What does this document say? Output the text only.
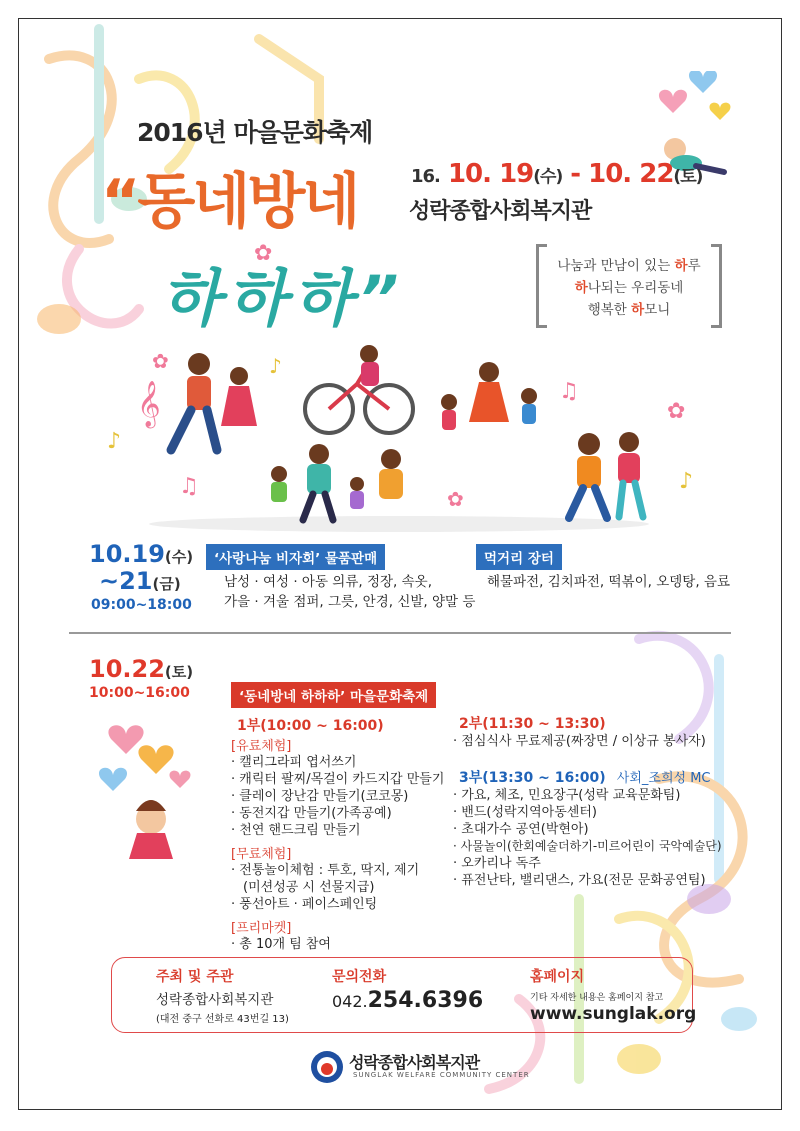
2016년 마을문화축제
“동네방네	16. 10. 19(수) - 10. 22(토)
성락종합사회복지관
하하하”	나눔과 만남이 있는 하루
하나되는 우리동네
행복한 하모니
✿
✿
✿
✿
𝄞
♪
♫
♪
♫
♪
10.19(수)
~21(금)
09:00~18:00
‘사랑나눔 비자회’ 물품판매
남성 · 여성 · 아동 의류, 정장, 속옷,
가을 · 겨울 점퍼, 그릇, 안경, 신발, 양말 등
먹거리 장터
해물파전, 김치파전, 떡볶이, 오뎅탕, 음료
10.22(토)
10:00~16:00	‘동네방네 하하하’ 마을문화축제
1부(10:00 ~ 16:00)
[유료체험]
· 캘리그라피 엽서쓰기
· 캐릭터 팔찌/목걸이 카드지갑 만들기
· 클레이 장난감 만들기(코코몽)
· 동전지갑 만들기(가족공예)
· 천연 핸드크림 만들기
[무료체험]
· 전통놀이체험 : 투호, 딱지, 제기
(미션성공 시 선물지급)
· 풍선아트 · 페이스페인팅
[프리마켓]
· 총 10개 팀 참여
2부(11:30 ~ 13:30)
· 점심식사 무료제공(짜장면 / 이상규 봉사자)
3부(13:30 ~ 16:00) 사회_조희성 MC
· 가요, 체조, 민요장구(성락 교육문화팀)
· 밴드(성락지역아동센터)
· 초대가수 공연(박현아)
· 사물놀이(한회예술더하기-미르어린이 국악예술단)
· 오카리나 독주
· 퓨전난타, 밸리댄스, 가요(전문 문화공연팀)
주최 및 주관
성락종합사회복지관
(대전 중구 선화로 43번길 13)
문의전화
042.254.6396
홈페이지
기타 자세한 내용은 홈페이지 참고
www.sunglak.org
성락종합사회복지관
SUNGLAK WELFARE COMMUNITY CENTER
